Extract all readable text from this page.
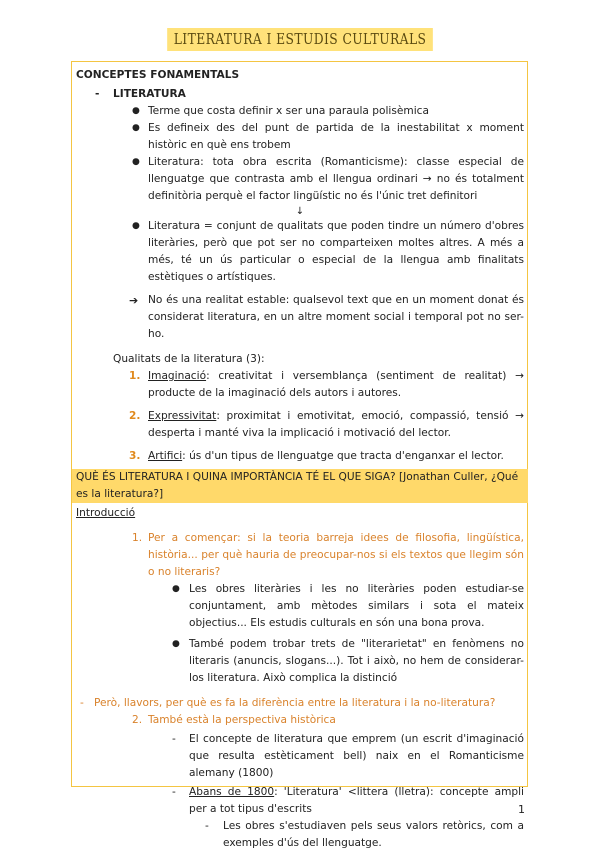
LITERATURA I ESTUDIS CULTURALS

CONCEPTES FONAMENTALS

- LITERATURA
● Terme que costa definir x ser una paraula polisèmica
● Es defineix des del punt de partida de la inestabilitat x moment històric en què ens trobem
● Literatura: tota obra escrita (Romanticisme): classe especial de llenguatge que contrasta amb el llengua ordinari → no és totalment definitòria perquè el factor lingüístic no és l'únic tret definitori
↓
● Literatura = conjunt de qualitats que poden tindre un número d'obres literàries, però que pot ser no comparteixen moltes altres. A més a més, té un ús particular o especial de la llengua amb finalitats estètiques o artístiques.
➔ No és una realitat estable: qualsevol text que en un moment donat és considerat literatura, en un altre moment social i temporal pot no ser-ho.
Qualitats de la literatura (3):
1. Imaginació: creativitat i versemblança (sentiment de realitat) → producte de la imaginació dels autors i autores.
2. Expressivitat: proximitat i emotivitat, emoció, compassió, tensió → desperta i manté viva la implicació i motivació del lector.
3. Artifici: ús d'un tipus de llenguatge que tracta d'enganxar el lector.
QUÈ ÉS LITERATURA I QUINA IMPORTÀNCIA TÉ EL QUE SIGA? [Jonathan Culler, ¿Qué es la literatura?]
Introducció
1. Per a començar: si la teoria barreja idees de filosofia, lingüística, història... per què hauria de preocupar-nos si els textos que llegim són o no literaris?
● Les obres literàries i les no literàries poden estudiar-se conjuntament, amb mètodes similars i sota el mateix objectius... Els estudis culturals en són una bona prova.
● També podem trobar trets de "literarietat" en fenòmens no literaris (anuncis, slogans...). Tot i això, no hem de considerar-los literatura. Això complica la distinció
- Però, llavors, per què es fa la diferència entre la literatura i la no-literatura?
2. També està la perspectiva històrica
- El concepte de literatura que emprem (un escrit d'imaginació que resulta estèticament bell) naix en el Romanticisme alemany (1800)
- Abans de 1800: 'Literatura' <littera (lletra): concepte ampli per a tot tipus d'escrits
- Les obres s'estudiaven pels seus valors retòrics, com a exemples d'ús del llenguatge.
1
